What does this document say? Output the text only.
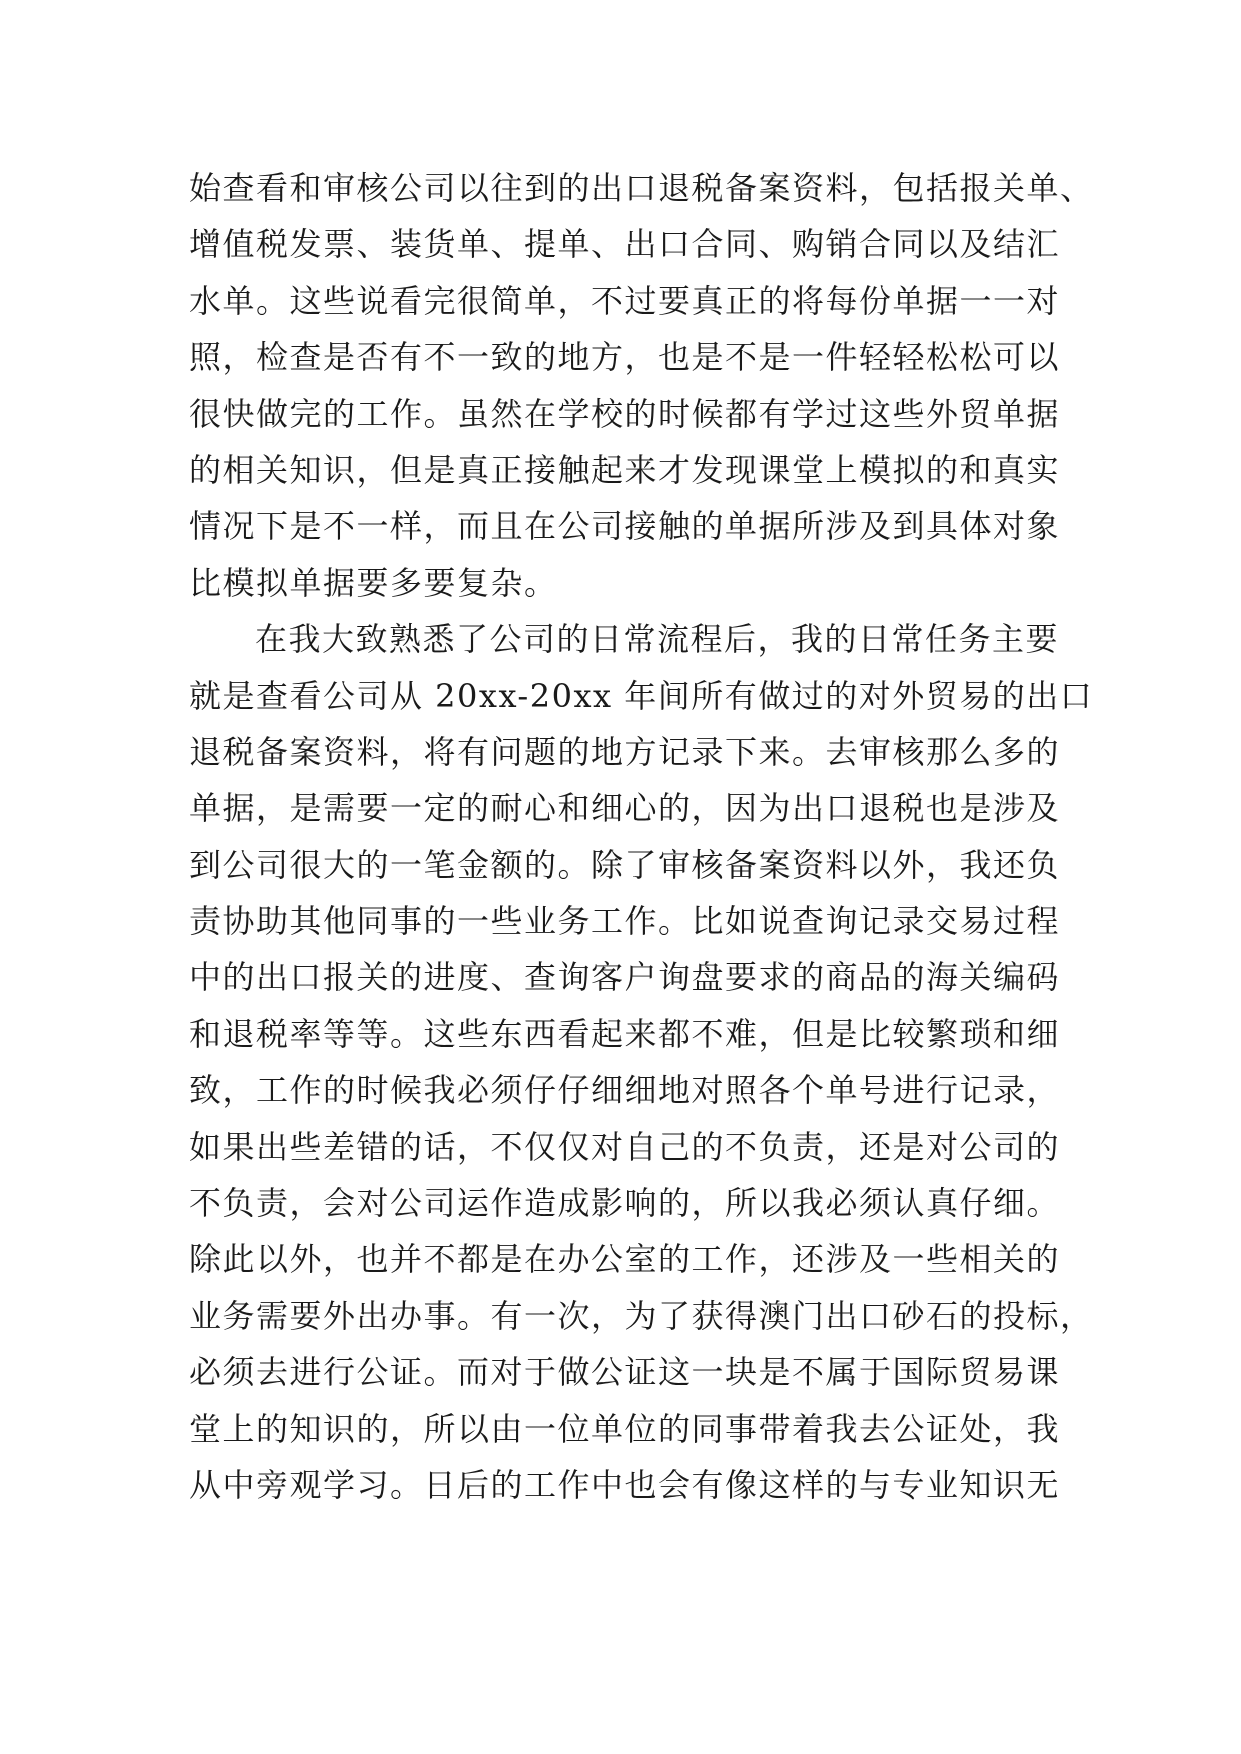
始查看和审核公司以往到的出口退税备案资料，包括报关单、
增值税发票、装货单、提单、出口合同、购销合同以及结汇
水单。这些说看完很简单，不过要真正的将每份单据一一对
照，检查是否有不一致的地方，也是不是一件轻轻松松可以
很快做完的工作。虽然在学校的时候都有学过这些外贸单据
的相关知识，但是真正接触起来才发现课堂上模拟的和真实
情况下是不一样，而且在公司接触的单据所涉及到具体对象
比模拟单据要多要复杂。
在我大致熟悉了公司的日常流程后，我的日常任务主要
就是查看公司从 20xx-20xx 年间所有做过的对外贸易的出口
退税备案资料，将有问题的地方记录下来。去审核那么多的
单据，是需要一定的耐心和细心的，因为出口退税也是涉及
到公司很大的一笔金额的。除了审核备案资料以外，我还负
责协助其他同事的一些业务工作。比如说查询记录交易过程
中的出口报关的进度、查询客户询盘要求的商品的海关编码
和退税率等等。这些东西看起来都不难，但是比较繁琐和细
致，工作的时候我必须仔仔细细地对照各个单号进行记录，
如果出些差错的话，不仅仅对自己的不负责，还是对公司的
不负责，会对公司运作造成影响的，所以我必须认真仔细。
除此以外，也并不都是在办公室的工作，还涉及一些相关的
业务需要外出办事。有一次，为了获得澳门出口砂石的投标，
必须去进行公证。而对于做公证这一块是不属于国际贸易课
堂上的知识的，所以由一位单位的同事带着我去公证处，我
从中旁观学习。日后的工作中也会有像这样的与专业知识无
